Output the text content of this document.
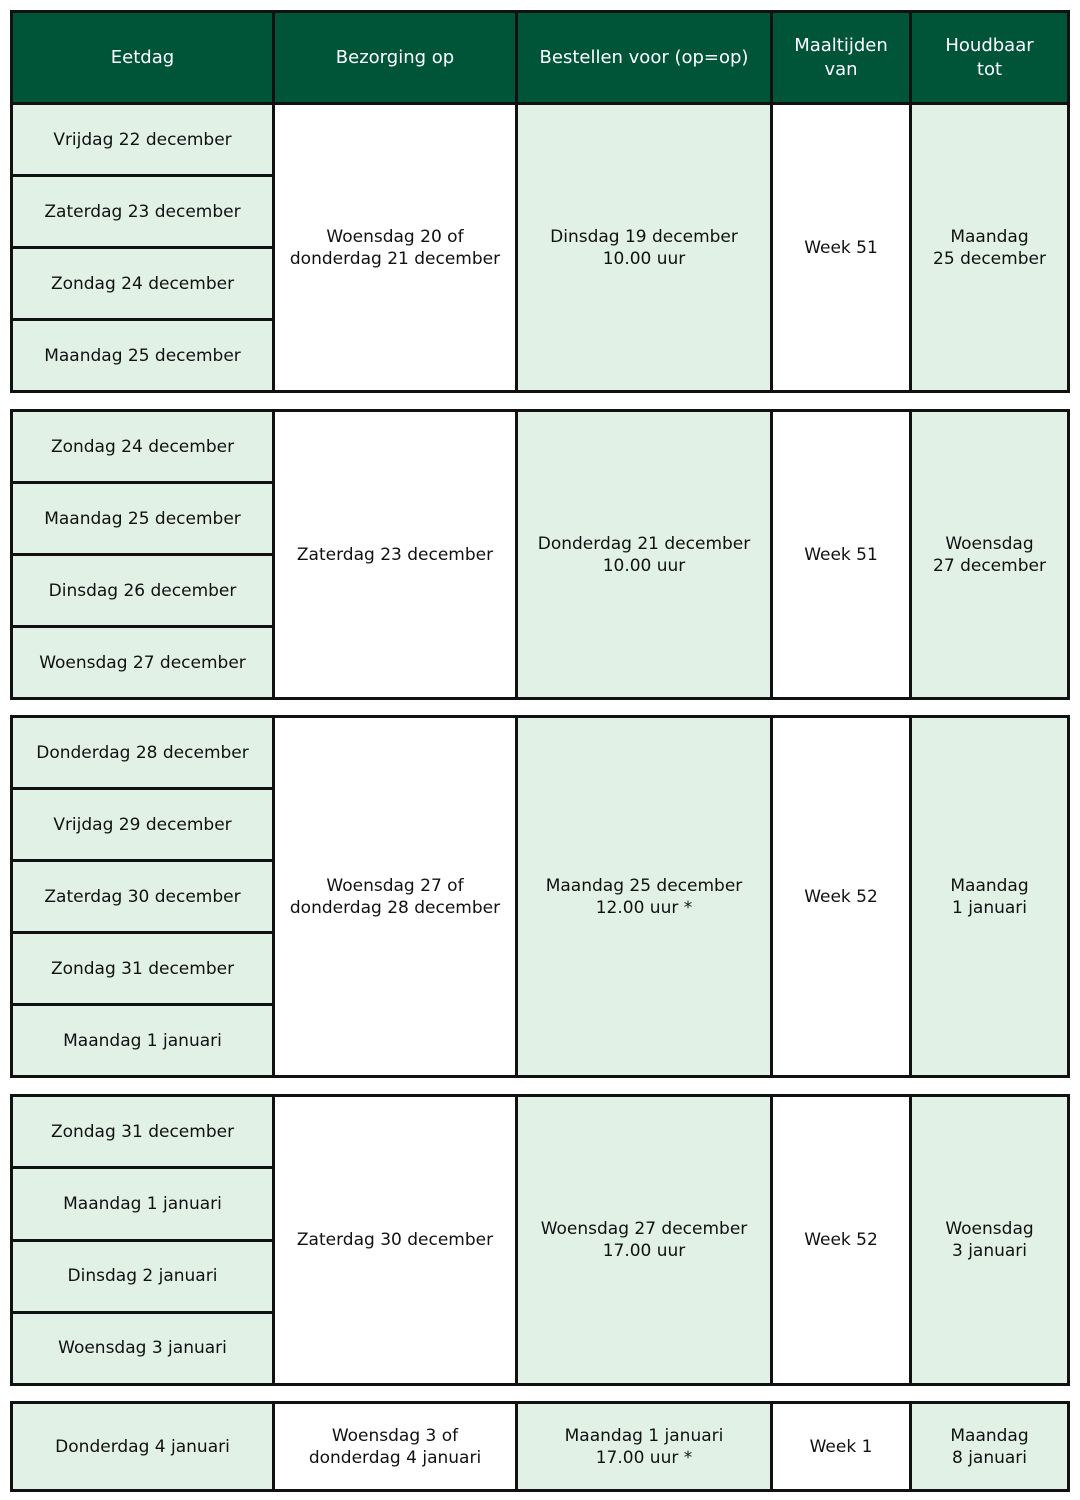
Eetdag	Bezorging op	Bestellen voor (op=op)
Maaltijden
van
Houdbaar
tot
Vrijdag 22 december
Zaterdag 23 december
Zondag 24 december
Maandag 25 december
Woensdag 20 of
donderdag 21 december
Dinsdag 19 december
10.00 uur
Week 51
Maandag
25 december
Zondag 24 december
Maandag 25 december
Dinsdag 26 december
Woensdag 27 december
Zaterdag 23 december
Donderdag 21 december
10.00 uur
Week 51
Woensdag
27 december
Donderdag 28 december
Vrijdag 29 december
Zaterdag 30 december
Zondag 31 december
Maandag 1 januari
Woensdag 27 of
donderdag 28 december
Maandag 25 december
12.00 uur *
Week 52
Maandag
1 januari
Zondag 31 december
Maandag 1 januari
Dinsdag 2 januari
Woensdag 3 januari
Zaterdag 30 december
Woensdag 27 december
17.00 uur
Week 52
Woensdag
3 januari
Donderdag 4 januari
Woensdag 3 of
donderdag 4 januari
Maandag 1 januari
17.00 uur *
Week 1
Maandag
8 januari
